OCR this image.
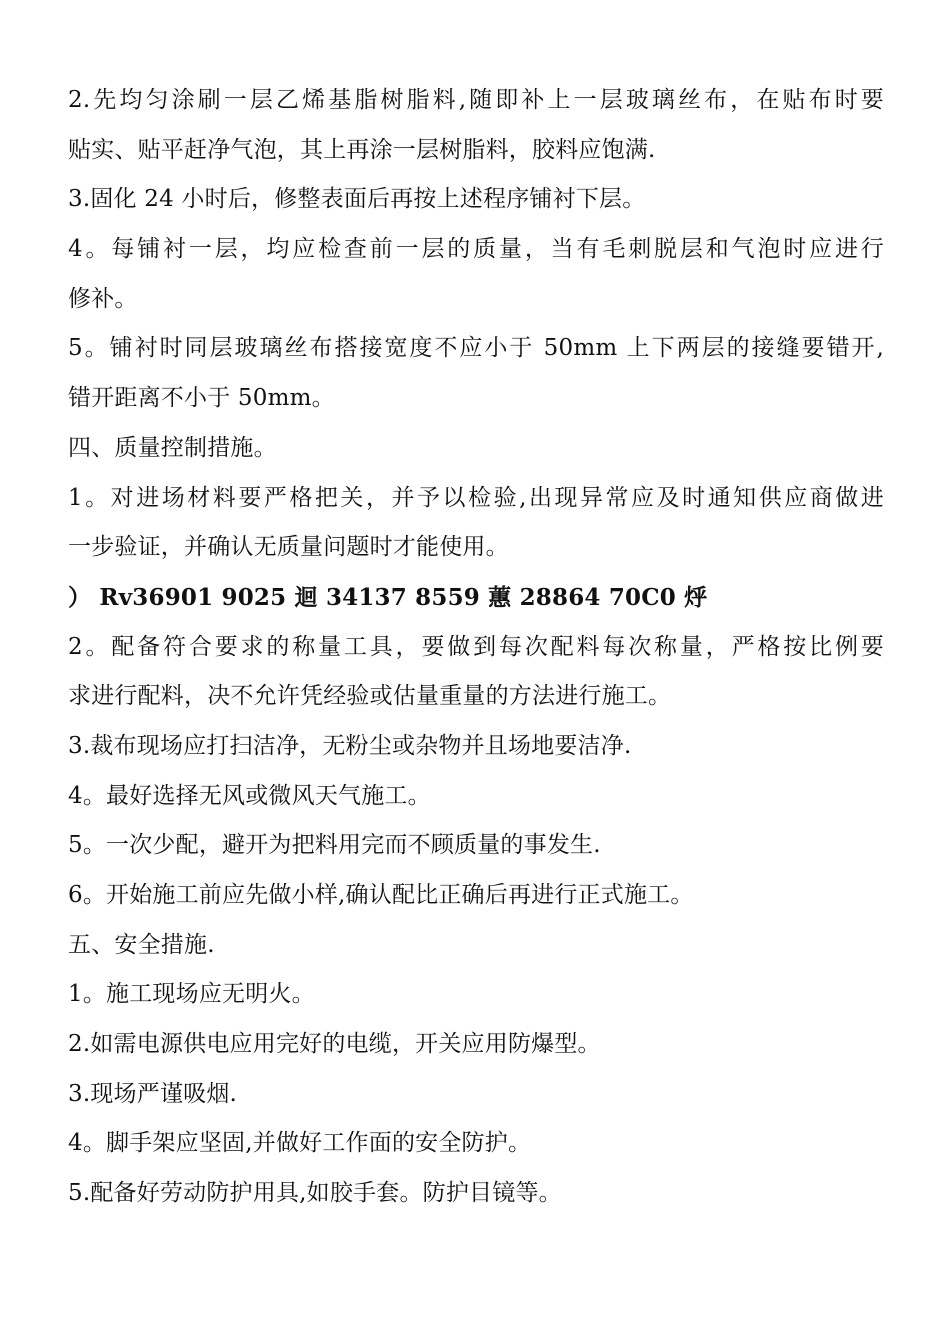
2.先均匀涂刷一层乙烯基脂树脂料,随即补上一层玻璃丝布，在贴布时要
贴实、贴平赶净气泡，其上再涂一层树脂料，胶料应饱满.
3.固化 24 小时后，修整表面后再按上述程序铺衬下层。
4。每铺衬一层，均应检查前一层的质量，当有毛刺脱层和气泡时应进行
修补。
5。铺衬时同层玻璃丝布搭接宽度不应小于 50mm 上下两层的接缝要错开,
错开距离不小于 50mm。
四、质量控制措施。
1。对进场材料要严格把关，并予以检验,出现异常应及时通知供应商做进
一步验证，并确认无质量问题时才能使用。
） Rv36901 9025 迴 34137 8559 蕙 28864 70C0 烀
2。配备符合要求的称量工具，要做到每次配料每次称量，严格按比例要
求进行配料，决不允许凭经验或估量重量的方法进行施工。
3.裁布现场应打扫洁净，无粉尘或杂物并且场地要洁净.
4。最好选择无风或微风天气施工。
5。一次少配，避开为把料用完而不顾质量的事发生.
6。开始施工前应先做小样,确认配比正确后再进行正式施工。
五、安全措施.
1。施工现场应无明火。
2.如需电源供电应用完好的电缆，开关应用防爆型。
3.现场严谨吸烟.
4。脚手架应坚固,并做好工作面的安全防护。
5.配备好劳动防护用具,如胶手套。防护目镜等。
